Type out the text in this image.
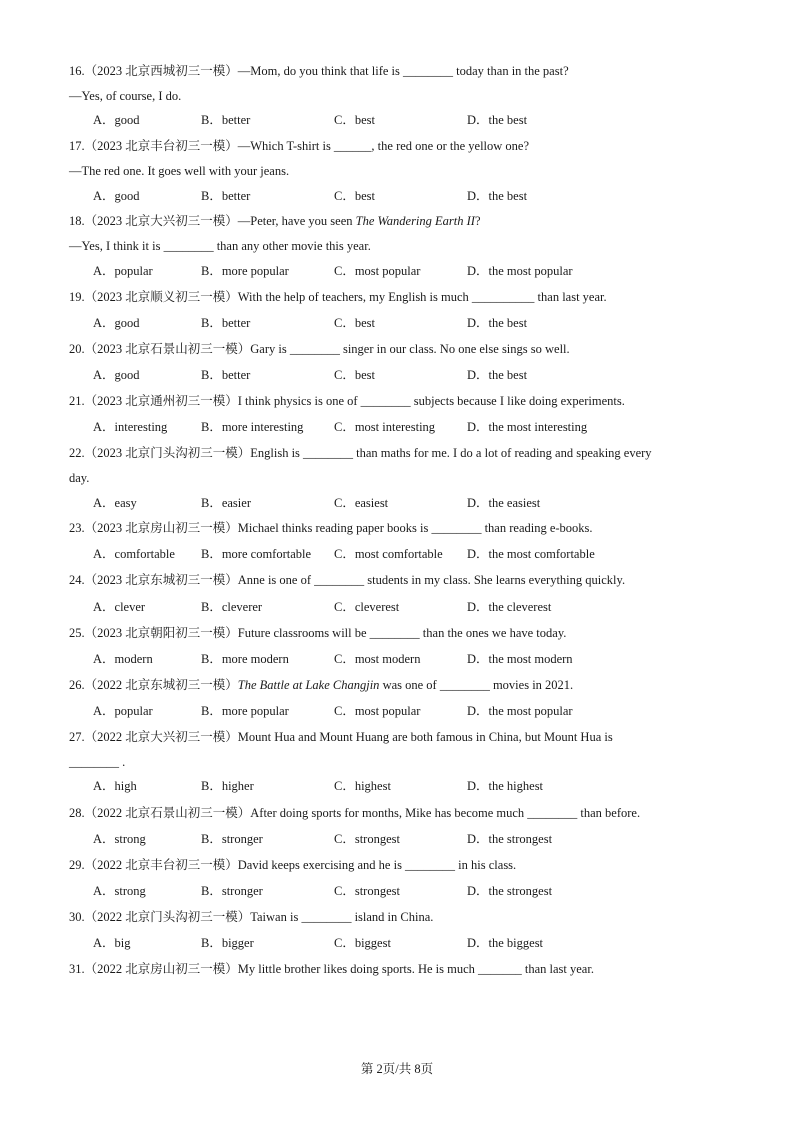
16.（2023 北京西城初三一模）—Mom, do you think that life is ________ today than in the past?
—Yes, of course, I do.
A．good	B．better	C．best	D．the best
17.（2023 北京丰台初三一模）—Which T-shirt is ______, the red one or the yellow one?
—The red one. It goes well with your jeans.
A．good	B．better	C．best	D．the best
18.（2023 北京大兴初三一模）—Peter, have you seen The Wandering Earth II?
—Yes, I think it is ________ than any other movie this year.
A．popular	B．more popular	C．most popular	D．the most popular
19.（2023 北京顺义初三一模）With the help of teachers, my English is much __________ than last year.
A．good	B．better	C．best	D．the best
20.（2023 北京石景山初三一模）Gary is ________ singer in our class. No one else sings so well.
A．good	B．better	C．best	D．the best
21.（2023 北京通州初三一模）I think physics is one of ________ subjects because I like doing experiments.
A．interesting	B．more interesting C．most interesting	D．the most interesting
22.（2023 北京门头沟初三一模）English is ________ than maths for me. I do a lot of reading and speaking every
day.
A．easy	B．easier	C．easiest	D．the easiest
23.（2023 北京房山初三一模）Michael thinks reading paper books is ________ than reading e-books.
A．comfortable B．more comfortable C．most comfortable D．the most comfortable
24.（2023 北京东城初三一模）Anne is one of ________ students in my class. She learns everything quickly.
A．clever	B．cleverer	C．cleverest	D．the cleverest
25.（2023 北京朝阳初三一模）Future classrooms will be ________ than the ones we have today.
A．modern	B．more modern	C．most modern	D．the most modern
26.（2022 北京东城初三一模）The Battle at Lake Changjin was one of ________ movies in 2021.
A．popular	B．more popular	C．most popular	D．the most popular
27.（2022 北京大兴初三一模）Mount Hua and Mount Huang are both famous in China, but Mount Hua is
________ .
A．high	B．higher	C．highest	D．the highest
28.（2022 北京石景山初三一模）After doing sports for months, Mike has become much ________ than before.
A．strong	B．stronger	C．strongest	D．the strongest
29.（2022 北京丰台初三一模）David keeps exercising and he is ________ in his class.
A．strong	B．stronger	C．strongest	D．the strongest
30.（2022 北京门头沟初三一模）Taiwan is ________ island in China.
A．big	B．bigger	C．biggest	D．the biggest
31.（2022 北京房山初三一模）My little brother likes doing sports. He is much _______ than last year.
第 2页/共 8页
